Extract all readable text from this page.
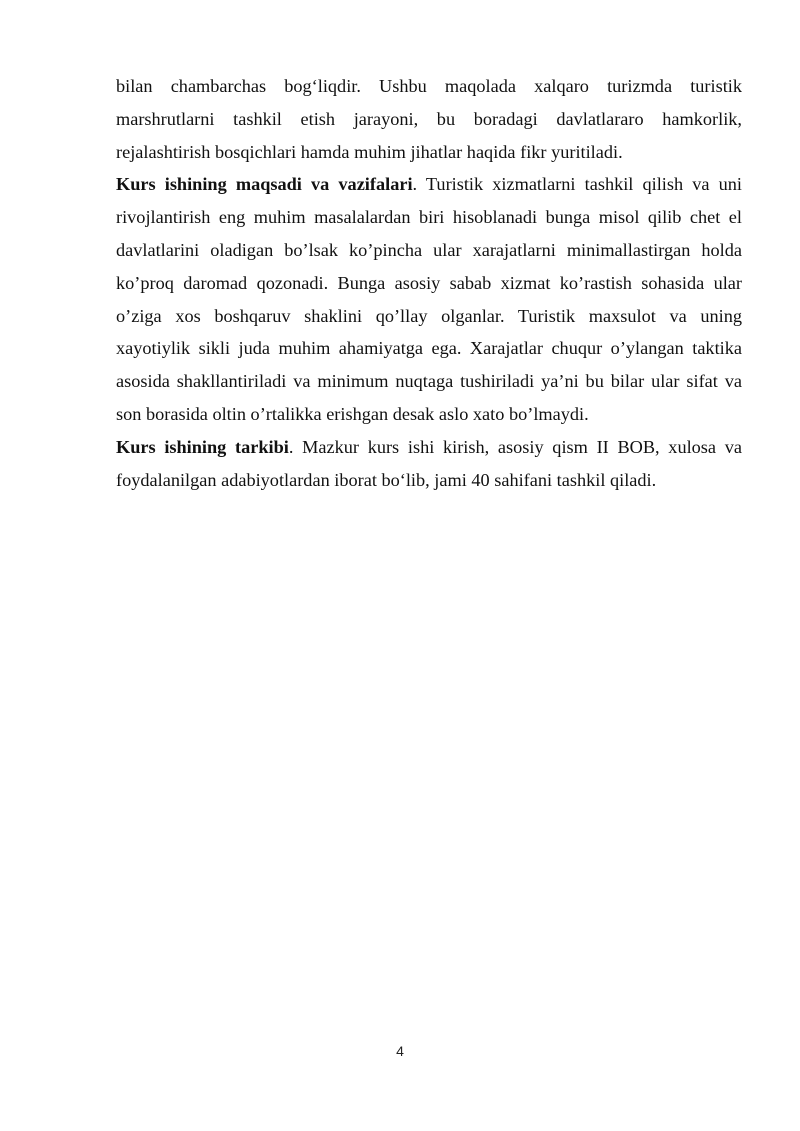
bilan chambarchas bog‘liqdir. Ushbu maqolada xalqaro turizmda turistik
marshrutlarni tashkil etish jarayoni, bu boradagi davlatlararo hamkorlik,
rejalashtirish bosqichlari hamda muhim jihatlar haqida fikr yuritiladi.
Kurs ishining maqsadi va vazifalari. Turistik xizmatlarni tashkil qilish va uni
rivojlantirish eng muhim masalalardan biri hisoblanadi bunga misol qilib chet el
davlatlarini oladigan bo’lsak ko’pincha ular xarajatlarni minimallastirgan holda
ko’proq daromad qozonadi. Bunga asosiy sabab xizmat ko’rastish sohasida ular
o’ziga xos boshqaruv shaklini qo’llay olganlar. Turistik maxsulot va uning
xayotiylik sikli juda muhim ahamiyatga ega. Xarajatlar chuqur o’ylangan taktika
asosida shakllantiriladi va minimum nuqtaga tushiriladi ya’ni bu bilar ular sifat va
son borasida oltin o’rtalikka erishgan desak aslo xato bo’lmaydi.
Kurs ishining tarkibi. Mazkur kurs ishi kirish, asosiy qism II BOB, xulosa va
foydalanilgan adabiyotlardan iborat bo‘lib, jami 40 sahifani tashkil qiladi.
4
